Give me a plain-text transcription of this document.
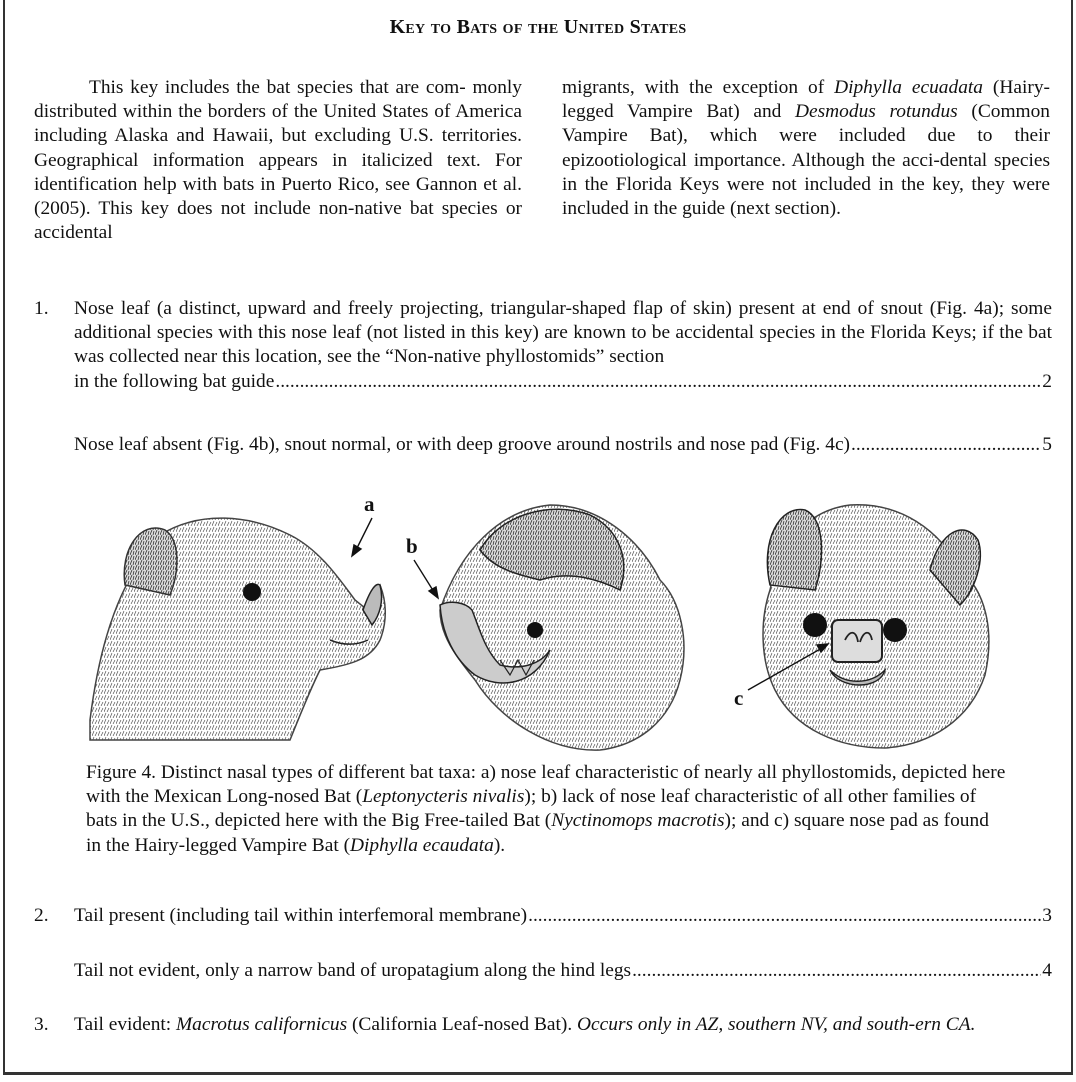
Key to Bats of the United States

This key includes the bat species that are com- monly distributed within the borders of the United States of America including Alaska and Hawaii, but excluding U.S. territories. Geographical information appears in italicized text. For identification help with bats in Puerto Rico, see Gannon et al. (2005). This key does not include non-native bat species or accidental

migrants, with the exception of Diphylla ecuadata (Hairy-legged Vampire Bat) and Desmodus rotundus (Common Vampire Bat), which were included due to their epizootiological importance. Although the acci-dental species in the Florida Keys were not included in the key, they were included in the guide (next section).

1. Nose leaf (a distinct, upward and freely projecting, triangular-shaped flap of skin) present at end of snout (Fig. 4a); some additional species with this nose leaf (not listed in this key) are known to be accidental species in the Florida Keys; if the bat was collected near this location, see the “Non-native phyllostomids” section
in the following bat guide .....	2
Nose leaf absent (Fig. 4b), snout normal, or with deep groove around nostrils and nose pad (Fig. 4c) .....	5
a
b
c
Figure 4. Distinct nasal types of different bat taxa: a) nose leaf characteristic of nearly all phyllostomids, depicted here with the Mexican Long-nosed Bat (Leptonycteris nivalis); b) lack of nose leaf characteristic of all other families of bats in the U.S., depicted here with the Big Free-tailed Bat (Nyctinomops macrotis); and c) square nose pad as found in the Hairy-legged Vampire Bat (Diphylla ecaudata).
2. Tail present (including tail within interfemoral membrane) .....	3
Tail not evident, only a narrow band of uropatagium along the hind legs .....	4
3. Tail evident: Macrotus californicus (California Leaf-nosed Bat). Occurs only in AZ, southern NV, and south-ern CA.
